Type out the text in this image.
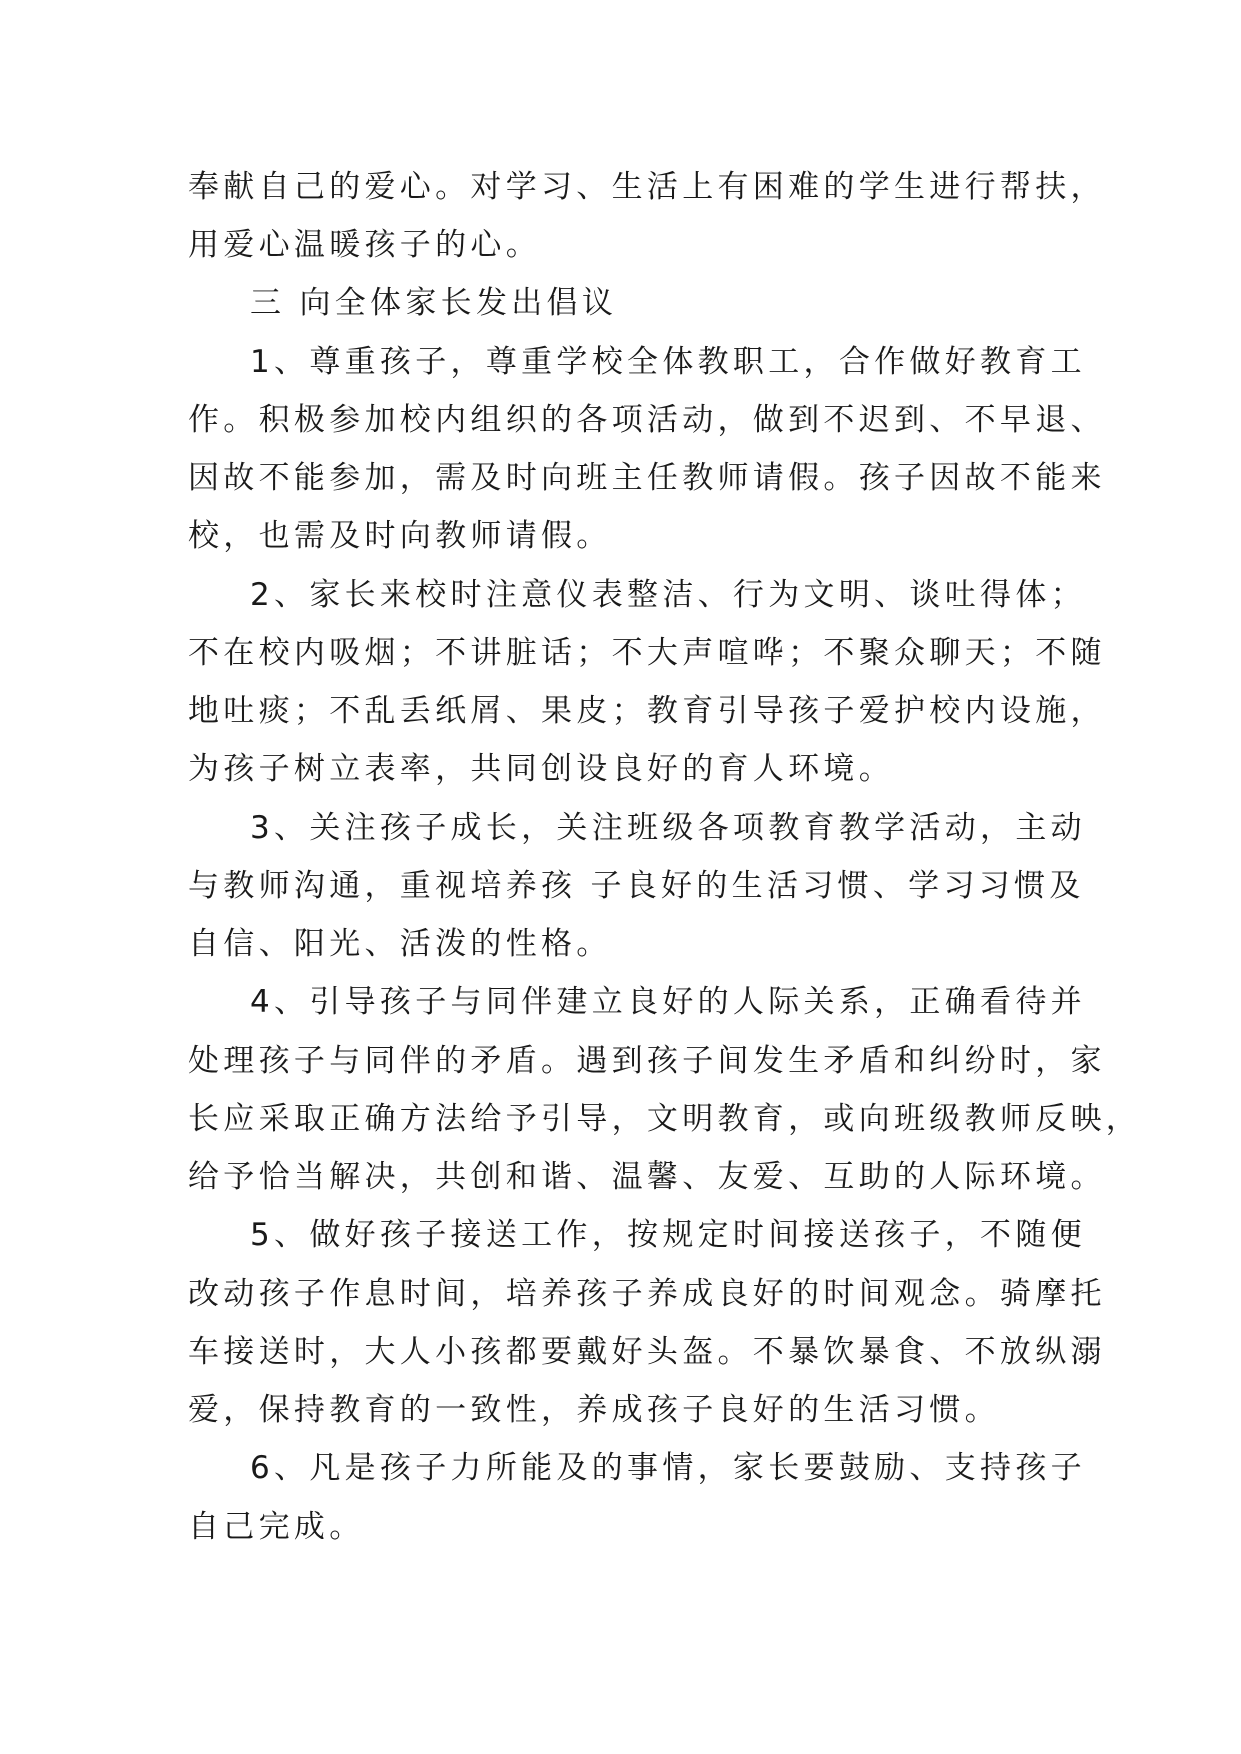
奉献自己的爱心。对学习、生活上有困难的学生进行帮扶，
用爱心温暖孩子的心。
三 向全体家长发出倡议
1、尊重孩子，尊重学校全体教职工，合作做好教育工
作。积极参加校内组织的各项活动，做到不迟到、不早退、
因故不能参加，需及时向班主任教师请假。孩子因故不能来
校，也需及时向教师请假。
2、家长来校时注意仪表整洁、行为文明、谈吐得体；
不在校内吸烟；不讲脏话；不大声喧哗；不聚众聊天；不随
地吐痰；不乱丢纸屑、果皮；教育引导孩子爱护校内设施，
为孩子树立表率，共同创设良好的育人环境。
3、关注孩子成长，关注班级各项教育教学活动，主动
与教师沟通，重视培养孩 子良好的生活习惯、学习习惯及
自信、阳光、活泼的性格。
4、引导孩子与同伴建立良好的人际关系，正确看待并
处理孩子与同伴的矛盾。遇到孩子间发生矛盾和纠纷时，家
长应采取正确方法给予引导，文明教育，或向班级教师反映，
给予恰当解决，共创和谐、温馨、友爱、互助的人际环境。
5、做好孩子接送工作，按规定时间接送孩子，不随便
改动孩子作息时间，培养孩子养成良好的时间观念。骑摩托
车接送时，大人小孩都要戴好头盔。不暴饮暴食、不放纵溺
爱，保持教育的一致性，养成孩子良好的生活习惯。
6、凡是孩子力所能及的事情，家长要鼓励、支持孩子
自己完成。
